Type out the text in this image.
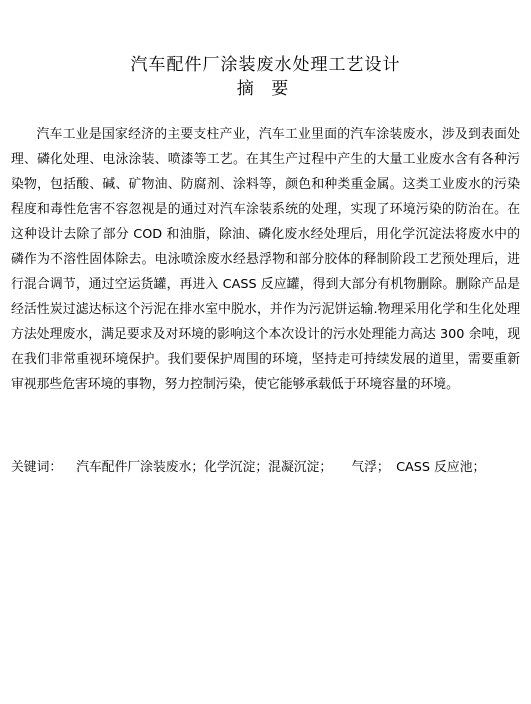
汽车配件厂涂装废水处理工艺设计
摘 要

汽车工业是国家经济的主要支柱产业，汽车工业里面的汽车涂装废水，涉及到表面处理、磷化处理、电泳涂装、喷漆等工艺。在其生产过程中产生的大量工业废水含有各种污染物，包括酸、碱、矿物油、防腐剂、涂料等，颜色和种类重金属。这类工业废水的污染程度和毒性危害不容忽视是的通过对汽车涂装系统的处理，实现了环境污染的防治在。在这种设计去除了部分 COD 和油脂，除油、磷化废水经处理后，用化学沉淀法将废水中的磷作为不溶性固体除去。电泳喷涂废水经悬浮物和部分胶体的释制阶段工艺预处理后，进行混合调节，通过空运货罐，再进入 CASS 反应罐，得到大部分有机物删除。删除产品是经活性炭过滤达标这个污泥在排水室中脱水，并作为污泥饼运输.物理采用化学和生化处理方法处理废水，满足要求及对环境的影响这个本次设计的污水处理能力高达 300 余吨，现在我们非常重视环境保护。我们要保护周围的环境，坚持走可持续发展的道里，需要重新审视那些危害环境的事物，努力控制污染，使它能够承载低于环境容量的环境。

关键词： 汽车配件厂涂装废水；化学沉淀；混凝沉淀；　　气浮；　CASS 反应池；
